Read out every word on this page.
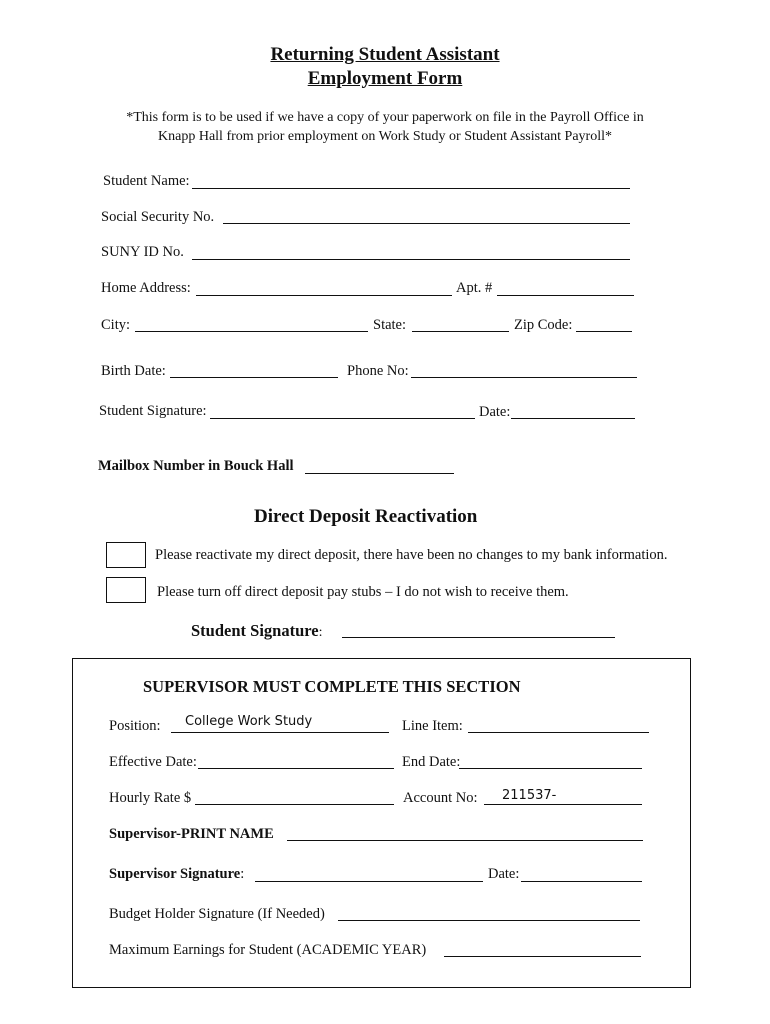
Returning Student Assistant
Employment Form
*This form is to be used if we have a copy of your paperwork on file in the Payroll Office in
Knapp Hall from prior employment on Work Study or Student Assistant Payroll*
Student Name:
Social Security No.
SUNY ID No.
Home Address:	Apt. #
City:	State:	Zip Code:
Birth Date:	Phone No:
Student Signature:	Date:
Mailbox Number in Bouck Hall
Direct Deposit Reactivation
Please reactivate my direct deposit, there have been no changes to my bank information.
Please turn off direct deposit pay stubs – I do not wish to receive them.
Student Signature:
SUPERVISOR MUST COMPLETE THIS SECTION
Position: College Work Study	Line Item:
Effective Date:	End Date:
Hourly Rate $	Account No: 211537-
Supervisor-PRINT NAME
Supervisor Signature:	Date:
Budget Holder Signature (If Needed)
Maximum Earnings for Student (ACADEMIC YEAR)
